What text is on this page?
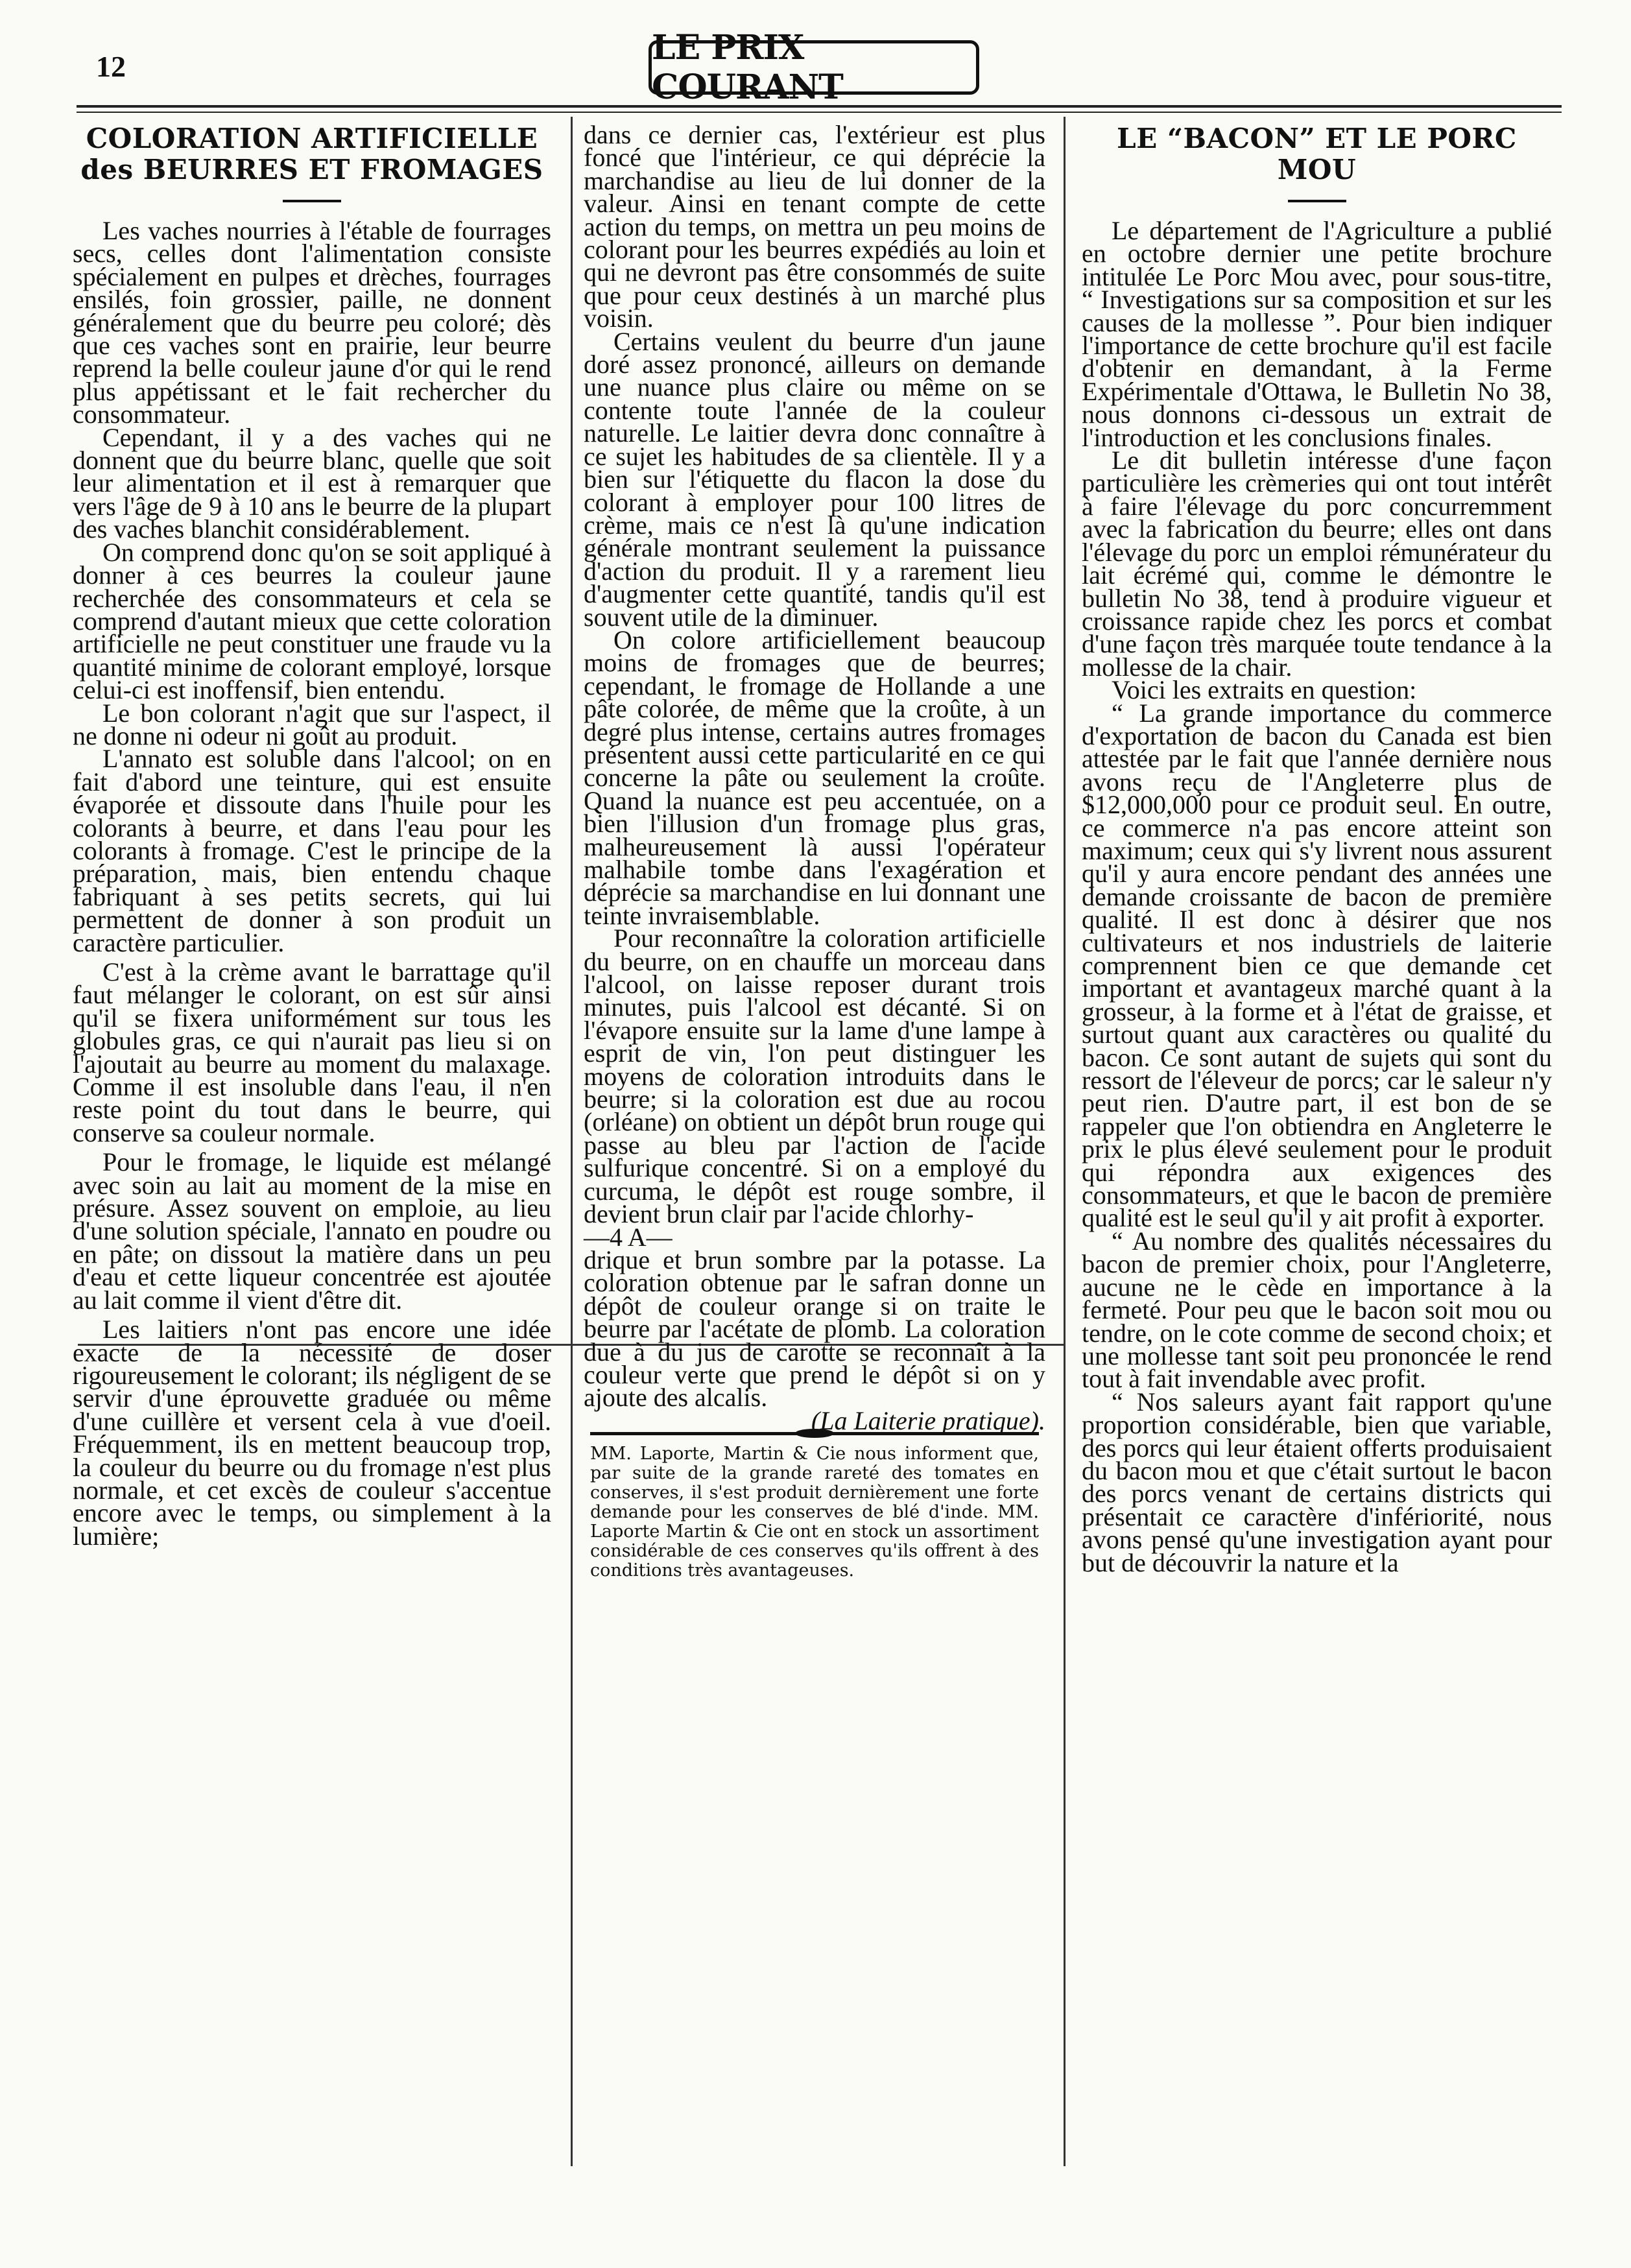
12	LE PRIX COURANT
COLORATION ARTIFICIELLE des BEURRES ET FROMAGES

Les vaches nourries à l'étable de fourrages secs, celles dont l'alimentation consiste spécialement en pulpes et drèches, fourrages ensilés, foin grossier, paille, ne donnent généralement que du beurre peu coloré; dès que ces vaches sont en prairie, leur beurre reprend la belle couleur jaune d'or qui le rend plus appétissant et le fait rechercher du consommateur.

Cependant, il y a des vaches qui ne donnent que du beurre blanc, quelle que soit leur alimentation et il est à remarquer que vers l'âge de 9 à 10 ans le beurre de la plupart des vaches blanchit considérablement.

On comprend donc qu'on se soit appliqué à donner à ces beurres la couleur jaune recherchée des consommateurs et cela se comprend d'autant mieux que cette coloration artificielle ne peut constituer une fraude vu la quantité minime de colorant employé, lorsque celui-ci est inoffensif, bien entendu.

Le bon colorant n'agit que sur l'aspect, il ne donne ni odeur ni goût au produit.

L'annato est soluble dans l'alcool; on en fait d'abord une teinture, qui est ensuite évaporée et dissoute dans l'huile pour les colorants à beurre, et dans l'eau pour les colorants à fromage. C'est le principe de la préparation, mais, bien entendu chaque fabriquant à ses petits secrets, qui lui permettent de donner à son produit un caractère particulier.

C'est à la crème avant le barrattage qu'il faut mélanger le colorant, on est sûr ainsi qu'il se fixera uniformément sur tous les globules gras, ce qui n'aurait pas lieu si on l'ajoutait au beurre au moment du malaxage. Comme il est insoluble dans l'eau, il n'en reste point du tout dans le beurre, qui conserve sa couleur normale.

Pour le fromage, le liquide est mélangé avec soin au lait au moment de la mise en présure. Assez souvent on emploie, au lieu d'une solution spéciale, l'annato en poudre ou en pâte; on dissout la matière dans un peu d'eau et cette liqueur concentrée est ajoutée au lait comme il vient d'être dit.

Les laitiers n'ont pas encore une idée exacte de la nécessité de doser rigoureusement le colorant; ils négligent de se servir d'une éprouvette graduée ou même d'une cuillère et versent cela à vue d'oeil. Fréquemment, ils en mettent beaucoup trop, la couleur du beurre ou du fromage n'est plus normale, et cet excès de couleur s'accentue encore avec le temps, ou simplement à la lumière;

dans ce dernier cas, l'extérieur est plus foncé que l'intérieur, ce qui déprécie la marchandise au lieu de lui donner de la valeur. Ainsi en tenant compte de cette action du temps, on mettra un peu moins de colorant pour les beurres expédiés au loin et qui ne devront pas être consommés de suite que pour ceux destinés à un marché plus voisin.

Certains veulent du beurre d'un jaune doré assez prononcé, ailleurs on demande une nuance plus claire ou même on se contente toute l'année de la couleur naturelle. Le laitier devra donc connaître à ce sujet les habitudes de sa clientèle. Il y a bien sur l'étiquette du flacon la dose du colorant à employer pour 100 litres de crème, mais ce n'est là qu'une indication générale montrant seulement la puissance d'action du produit. Il y a rarement lieu d'augmenter cette quantité, tandis qu'il est souvent utile de la diminuer.

On colore artificiellement beaucoup moins de fromages que de beurres; cependant, le fromage de Hollande a une pâte colorée, de même que la croûte, à un degré plus intense, certains autres fromages présentent aussi cette particularité en ce qui concerne la pâte ou seulement la croûte. Quand la nuance est peu accentuée, on a bien l'illusion d'un fromage plus gras, malheureusement là aussi l'opérateur malhabile tombe dans l'exagération et déprécie sa marchandise en lui donnant une teinte invraisemblable.

Pour reconnaître la coloration artificielle du beurre, on en chauffe un morceau dans l'alcool, on laisse reposer durant trois minutes, puis l'alcool est décanté. Si on l'évapore ensuite sur la lame d'une lampe à esprit de vin, l'on peut distinguer les moyens de coloration introduits dans le beurre; si la coloration est due au rocou (orléane) on obtient un dépôt brun rouge qui passe au bleu par l'action de l'acide sulfurique concentré. Si on a employé du curcuma, le dépôt est rouge sombre, il devient brun clair par l'acide chlorhy-

—4 A—

drique et brun sombre par la potasse. La coloration obtenue par le safran donne un dépôt de couleur orange si on traite le beurre par l'acétate de plomb. La coloration due à du jus de carotte se reconnaît à la couleur verte que prend le dépôt si on y ajoute des alcalis.

(La Laiterie pratique).

MM. Laporte, Martin & Cie nous informent que, par suite de la grande rareté des tomates en conserves, il s'est produit dernièrement une forte demande pour les conserves de blé d'inde. MM. Laporte Martin & Cie ont en stock un assortiment considérable de ces conserves qu'ils offrent à des conditions très avantageuses.
LE “BACON” ET LE PORC MOU

Le département de l'Agriculture a publié en octobre dernier une petite brochure intitulée Le Porc Mou avec, pour sous-titre, “ Investigations sur sa composition et sur les causes de la mollesse ”. Pour bien indiquer l'importance de cette brochure qu'il est facile d'obtenir en demandant, à la Ferme Expérimentale d'Ottawa, le Bulletin No 38, nous donnons ci-dessous un extrait de l'introduction et les conclusions finales.

Le dit bulletin intéresse d'une façon particulière les crèmeries qui ont tout intérêt à faire l'élevage du porc concurremment avec la fabrication du beurre; elles ont dans l'élevage du porc un emploi rémunérateur du lait écrémé qui, comme le démontre le bulletin No 38, tend à produire vigueur et croissance rapide chez les porcs et combat d'une façon très marquée toute tendance à la mollesse de la chair.

Voici les extraits en question:

“ La grande importance du commerce d'exportation de bacon du Canada est bien attestée par le fait que l'année dernière nous avons reçu de l'Angleterre plus de $12,000,000 pour ce produit seul. En outre, ce commerce n'a pas encore atteint son maximum; ceux qui s'y livrent nous assurent qu'il y aura encore pendant des années une demande croissante de bacon de première qualité. Il est donc à désirer que nos cultivateurs et nos industriels de laiterie comprennent bien ce que demande cet important et avantageux marché quant à la grosseur, à la forme et à l'état de graisse, et surtout quant aux caractères ou qualité du bacon. Ce sont autant de sujets qui sont du ressort de l'éleveur de porcs; car le saleur n'y peut rien. D'autre part, il est bon de se rappeler que l'on obtiendra en Angleterre le prix le plus élevé seulement pour le produit qui répondra aux exigences des consommateurs, et que le bacon de première qualité est le seul qu'il y ait profit à exporter.

“ Au nombre des qualités nécessaires du bacon de premier choix, pour l'Angleterre, aucune ne le cède en importance à la fermeté. Pour peu que le bacon soit mou ou tendre, on le cote comme de second choix; et une mollesse tant soit peu prononcée le rend tout à fait invendable avec profit.

“ Nos saleurs ayant fait rapport qu'une proportion considérable, bien que variable, des porcs qui leur étaient offerts produisaient du bacon mou et que c'était surtout le bacon des porcs venant de certains districts qui présentait ce caractère d'infériorité, nous avons pensé qu'une investigation ayant pour but de découvrir la nature et la
